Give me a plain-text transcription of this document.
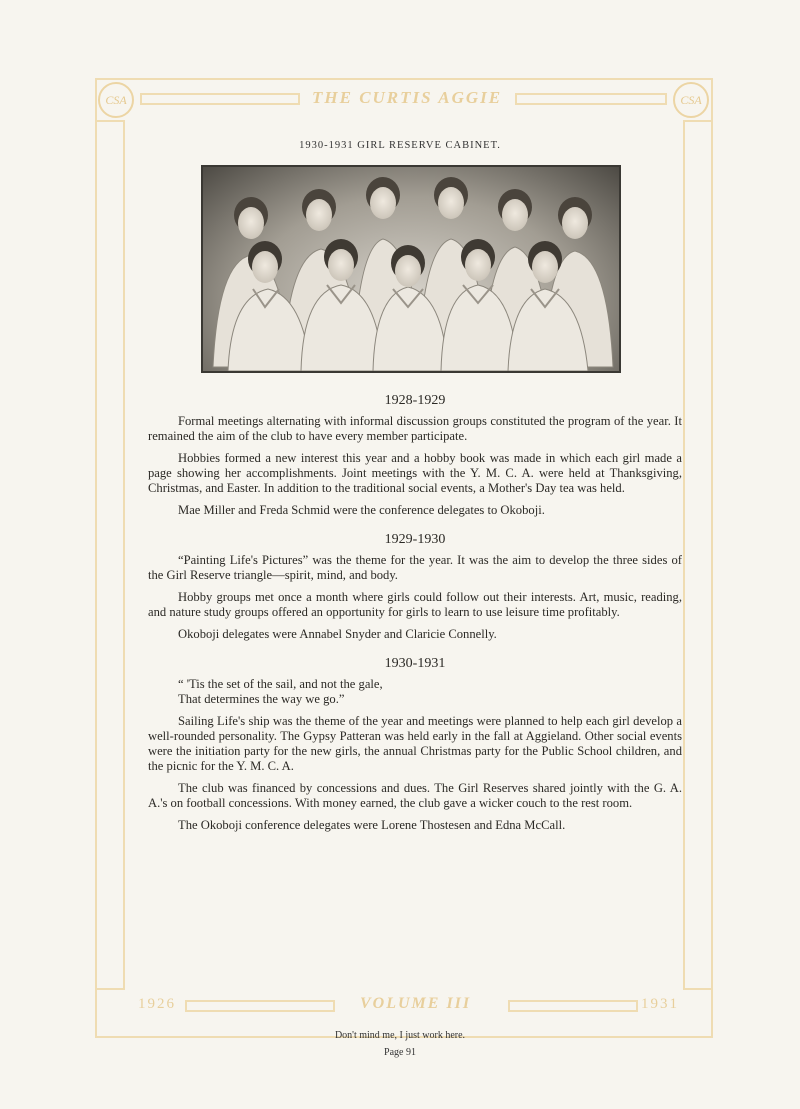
CSA	CSA
THE CURTIS AGGIE
1926	VOLUME III	1931
1930-1931 GIRL RESERVE CABINET.
1928-1929

Formal meetings alternating with informal discussion groups constituted the program of the year. It remained the aim of the club to have every member participate.

Hobbies formed a new interest this year and a hobby book was made in which each girl made a page showing her accomplishments. Joint meetings with the Y. M. C. A. were held at Thanksgiving, Christmas, and Easter. In addition to the traditional social events, a Mother's Day tea was held.

Mae Miller and Freda Schmid were the conference delegates to Okoboji.

1929-1930

“Painting Life's Pictures” was the theme for the year. It was the aim to develop the three sides of the Girl Reserve triangle—spirit, mind, and body.

Hobby groups met once a month where girls could follow out their interests. Art, music, reading, and nature study groups offered an opportunity for girls to learn to use leisure time profitably.

Okoboji delegates were Annabel Snyder and Claricie Connelly.

1930-1931
“ 'Tis the set of the sail, and not the gale,
That determines the way we go.”

Sailing Life's ship was the theme of the year and meetings were planned to help each girl develop a well-rounded personality. The Gypsy Patteran was held early in the fall at Aggieland. Other social events were the initiation party for the new girls, the annual Christmas party for the Public School children, and the picnic for the Y. M. C. A.

The club was financed by concessions and dues. The Girl Reserves shared jointly with the G. A. A.'s on football concessions. With money earned, the club gave a wicker couch to the rest room.

The Okoboji conference delegates were Lorene Thostesen and Edna McCall.

Don't mind me, I just work here.
Page 91
